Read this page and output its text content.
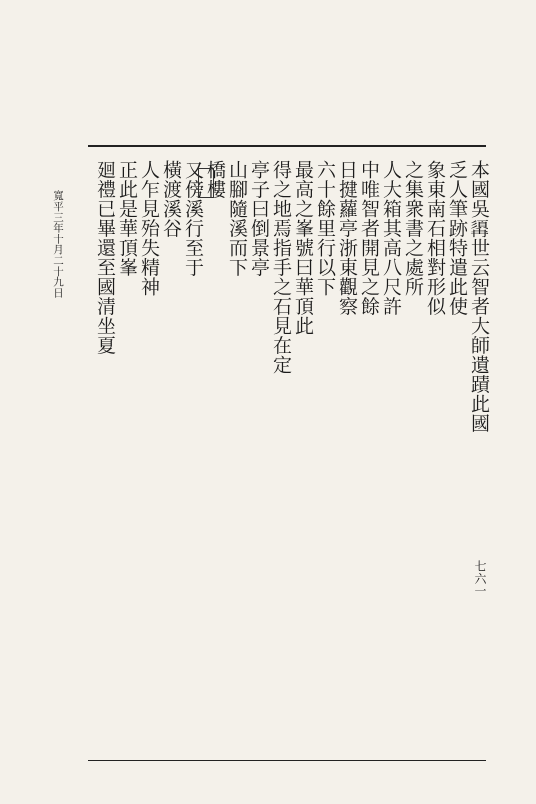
本國吳𩓾世云智者大師遺蹟此國
乏人筆跡特遣此使
象東南石相對形似
之集衆書之處所
人大箱其高八尺許
中唯智者開見之餘
日揵蘿亭浙東觀察
六十餘里行以下
最高之峯號曰華頂此
得之地焉指手之石見在定
亭子曰倒景亭
山腳隨溪而下
橋樓
又傍溪行至于
橫渡溪谷
人乍見殆失精神
正此是華頂峯
廻禮已畢還至國清坐夏
寬平三年十月二十九日
七六一
